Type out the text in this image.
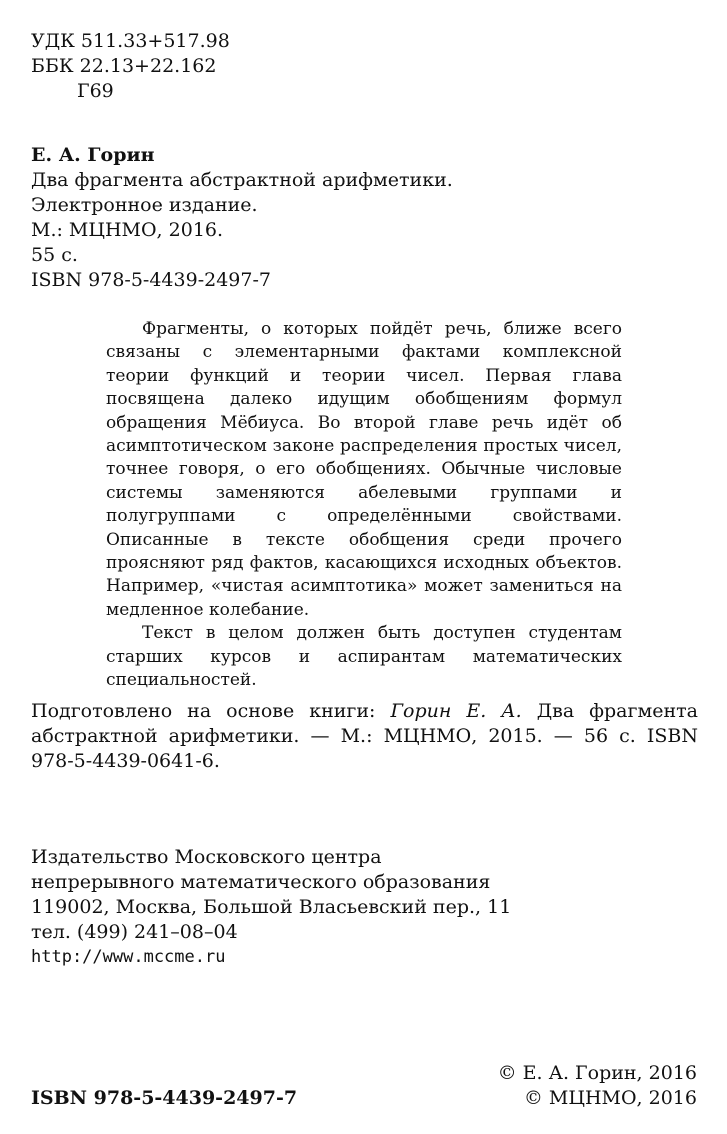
УДК 511.33+517.98
ББК 22.13+22.162
Г69
Е. А. Горин
Два фрагмента абстрактной арифметики.
Электронное издание.
М.: МЦНМО, 2016.
55 с.
ISBN 978-5-4439-2497-7

Фрагменты, о которых пойдёт речь, ближе всего связаны с элементарными фактами комплексной теории функций и теории чисел. Первая глава посвящена далеко идущим обобщениям формул обращения Мёбиуса. Во второй главе речь идёт об асимптотическом законе распределения простых чисел, точнее говоря, о его обобщениях. Обычные числовые системы заменяются абелевыми группами и полугруппами с определёнными свойствами. Описанные в тексте обобщения среди прочего проясняют ряд фактов, касающихся исходных объектов. Например, «чистая асимптотика» может замениться на медленное колебание.

Текст в целом должен быть доступен студентам старших курсов и аспирантам математических специальностей.

Подготовлено на основе книги: Горин Е. А. Два фрагмента абстрактной арифметики. — М.: МЦНМО, 2015. — 56 с. ISBN 978-5-4439-0641-6.
Издательство Московского центра
непрерывного математического образования
119002, Москва, Большой Власьевский пер., 11
тел. (499) 241–08–04
http://www.mccme.ru
© Е. А. Горин, 2016
ISBN 978-5-4439-2497-7	© МЦНМО, 2016
